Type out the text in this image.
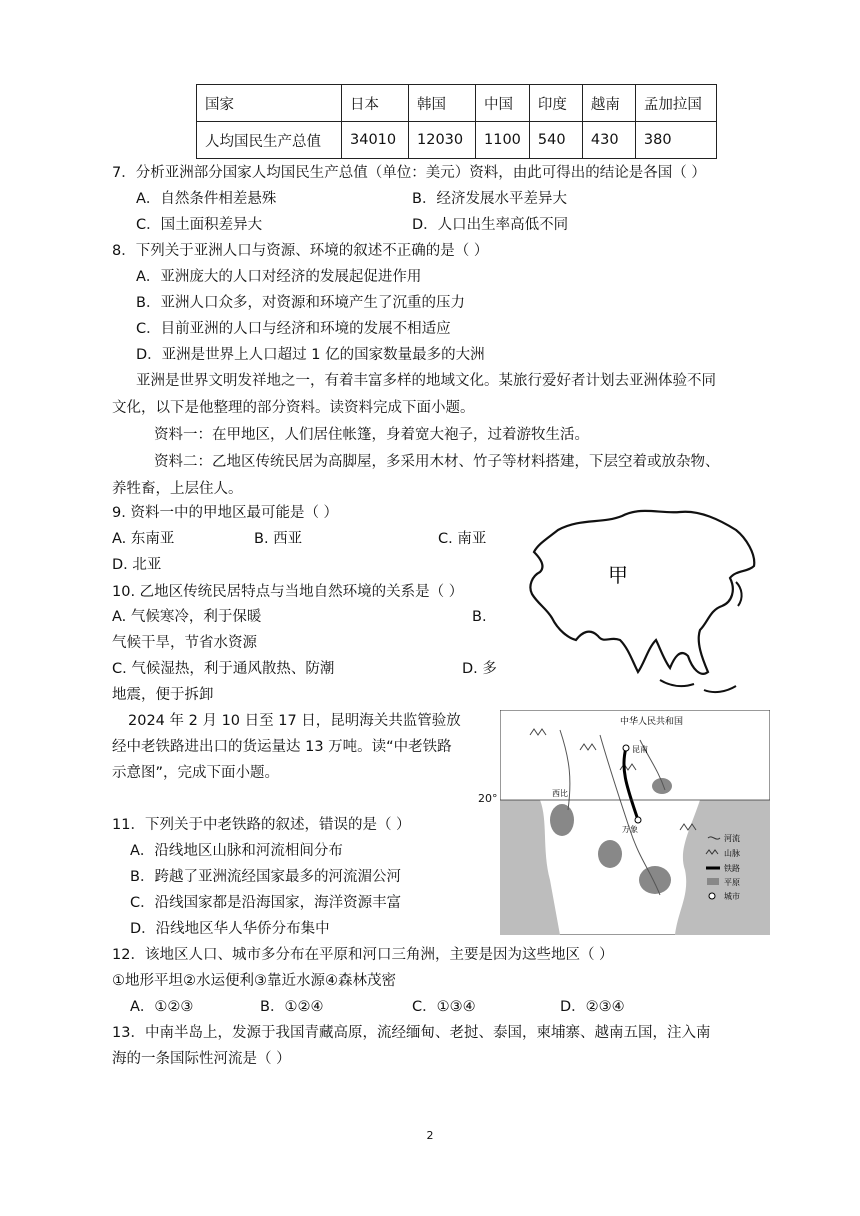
国家	日本	韩国	中国	印度	越南	孟加拉国
人均国民生产总值	34010	12030	1100	540	430	380
7．分析亚洲部分国家人均国民生产总值（单位：美元）资料，由此可得出的结论是各国（ ）
A．自然条件相差悬殊	B．经济发展水平差异大
C．国土面积差异大	D．人口出生率高低不同
8．下列关于亚洲人口与资源、环境的叙述不正确的是（ ）
A．亚洲庞大的人口对经济的发展起促进作用
B．亚洲人口众多，对资源和环境产生了沉重的压力
C．目前亚洲的人口与经济和环境的发展不相适应
D．亚洲是世界上人口超过 1 亿的国家数量最多的大洲
亚洲是世界文明发祥地之一，有着丰富多样的地域文化。某旅行爱好者计划去亚洲体验不同
文化，以下是他整理的部分资料。读资料完成下面小题。
资料一：在甲地区，人们居住帐篷，身着宽大袍子，过着游牧生活。
资料二：乙地区传统民居为高脚屋，多采用木材、竹子等材料搭建，下层空着或放杂物、
养牲畜，上层住人。
9. 资料一中的甲地区最可能是（ ）
A. 东南亚	B. 西亚	C. 南亚
D. 北亚
10. 乙地区传统民居特点与当地自然环境的关系是（ ）
A. 气候寒冷，利于保暖	B.
气候干旱，节省水资源
C. 气候湿热，利于通风散热、防潮	D. 多
地震，便于拆卸
2024 年 2 月 10 日至 17 日，昆明海关共监管验放
经中老铁路进出口的货运量达 13 万吨。读“中老铁路
示意图”，完成下面小题。
11．下列关于中老铁路的叙述，错误的是（ ）
A．沿线地区山脉和河流相间分布
B．跨越了亚洲流经国家最多的河流湄公河
C．沿线国家都是沿海国家，海洋资源丰富
D．沿线地区华人华侨分布集中
12．该地区人口、城市多分布在平原和河口三角洲，主要是因为这些地区（ ）
①地形平坦②水运便利③靠近水源④森林茂密
A．①②③	B．①②④	C．①③④	D．②③④
13．中南半岛上，发源于我国青藏高原，流经缅甸、老挝、泰国，柬埔寨、越南五国，注入南
海的一条国际性河流是（ ）
甲
中华人民共和国
昆南
万象
西比
河流
山脉
铁路
平原
城市
20°
2
